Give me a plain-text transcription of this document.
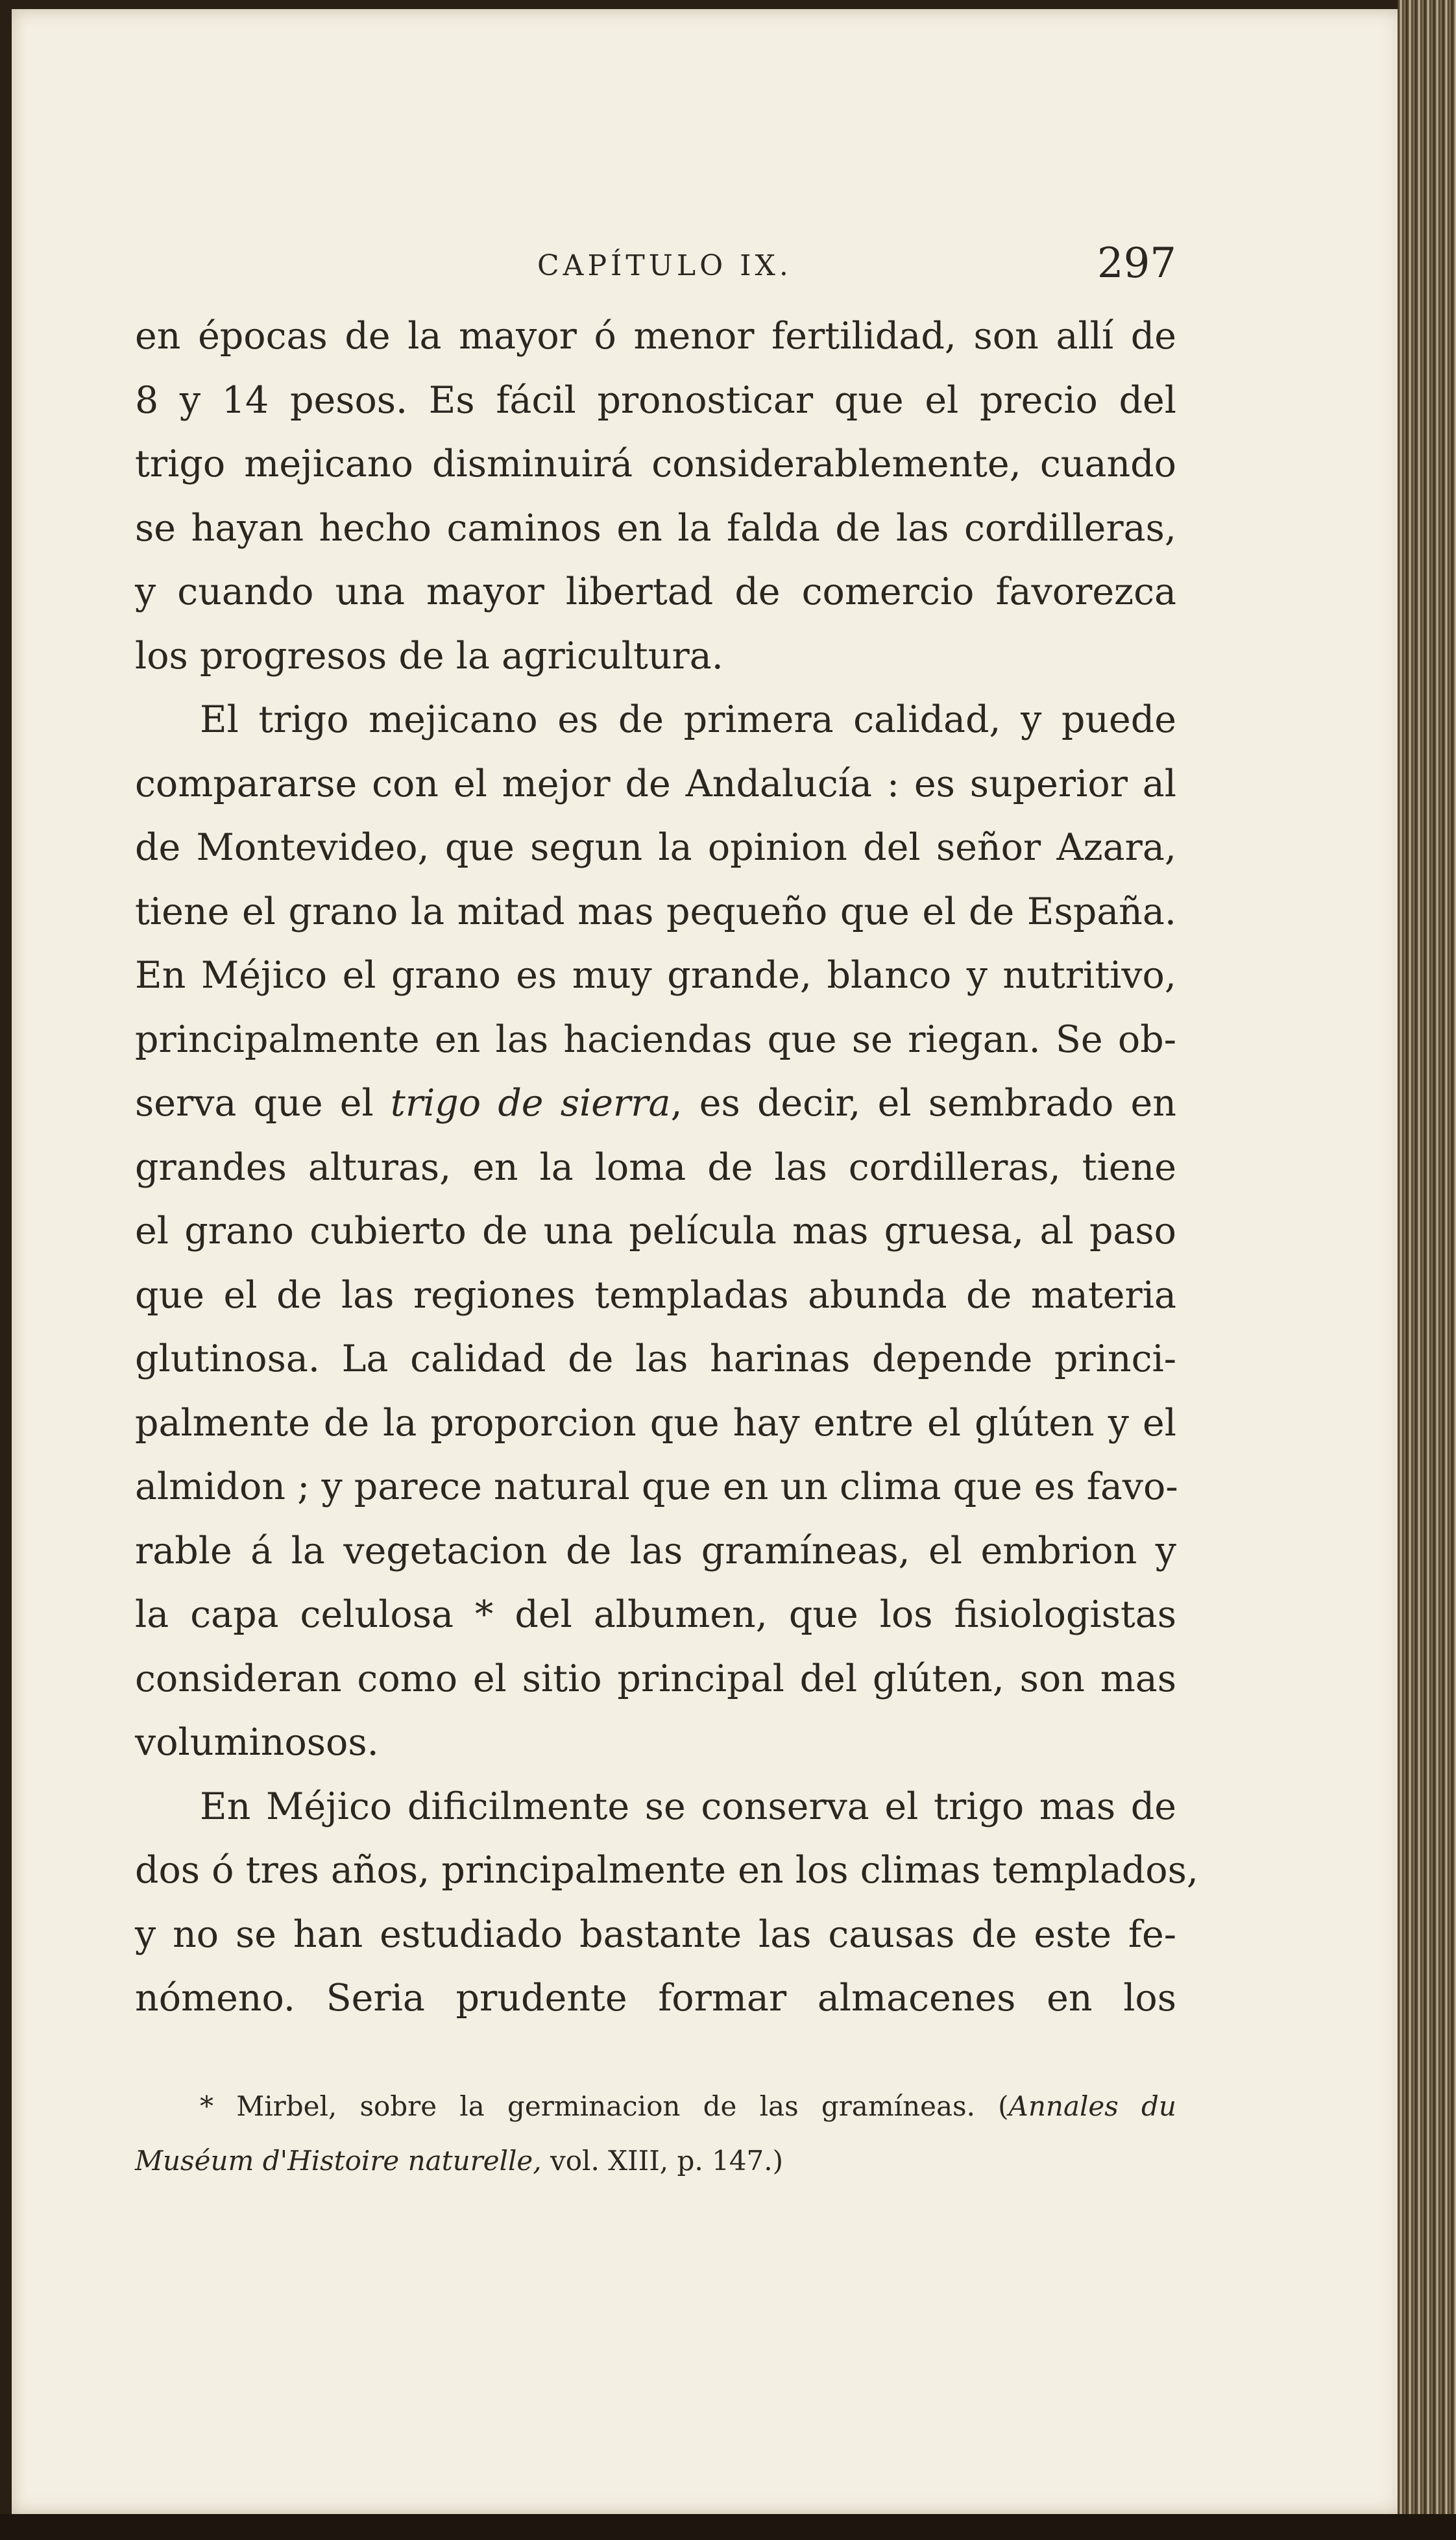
CAPÍTULO IX.	297
en épocas de la mayor ó menor fertilidad, son allí de
8 y 14 pesos. Es fácil pronosticar que el precio del
trigo mejicano disminuirá considerablemente, cuando
se hayan hecho caminos en la falda de las cordilleras,
y cuando una mayor libertad de comercio favorezca
los progresos de la agricultura.
El trigo mejicano es de primera calidad, y puede
compararse con el mejor de Andalucía : es superior al
de Montevideo, que segun la opinion del señor Azara,
tiene el grano la mitad mas pequeño que el de España.
En Méjico el grano es muy grande, blanco y nutritivo,
principalmente en las haciendas que se riegan. Se ob-
serva que el trigo de sierra, es decir, el sembrado en
grandes alturas, en la loma de las cordilleras, tiene
el grano cubierto de una película mas gruesa, al paso
que el de las regiones templadas abunda de materia
glutinosa. La calidad de las harinas depende princi-
palmente de la proporcion que hay entre el glúten y el
almidon ; y parece natural que en un clima que es favo-
rable á la vegetacion de las gramíneas, el embrion y
la capa celulosa * del albumen, que los fisiologistas
consideran como el sitio principal del glúten, son mas
voluminosos.
En Méjico dificilmente se conserva el trigo mas de
dos ó tres años, principalmente en los climas templados,
y no se han estudiado bastante las causas de este fe-
nómeno. Seria prudente formar almacenes en los
* Mirbel, sobre la germinacion de las gramíneas. (Annales du
Muséum d'Histoire naturelle, vol. XIII, p. 147.)
